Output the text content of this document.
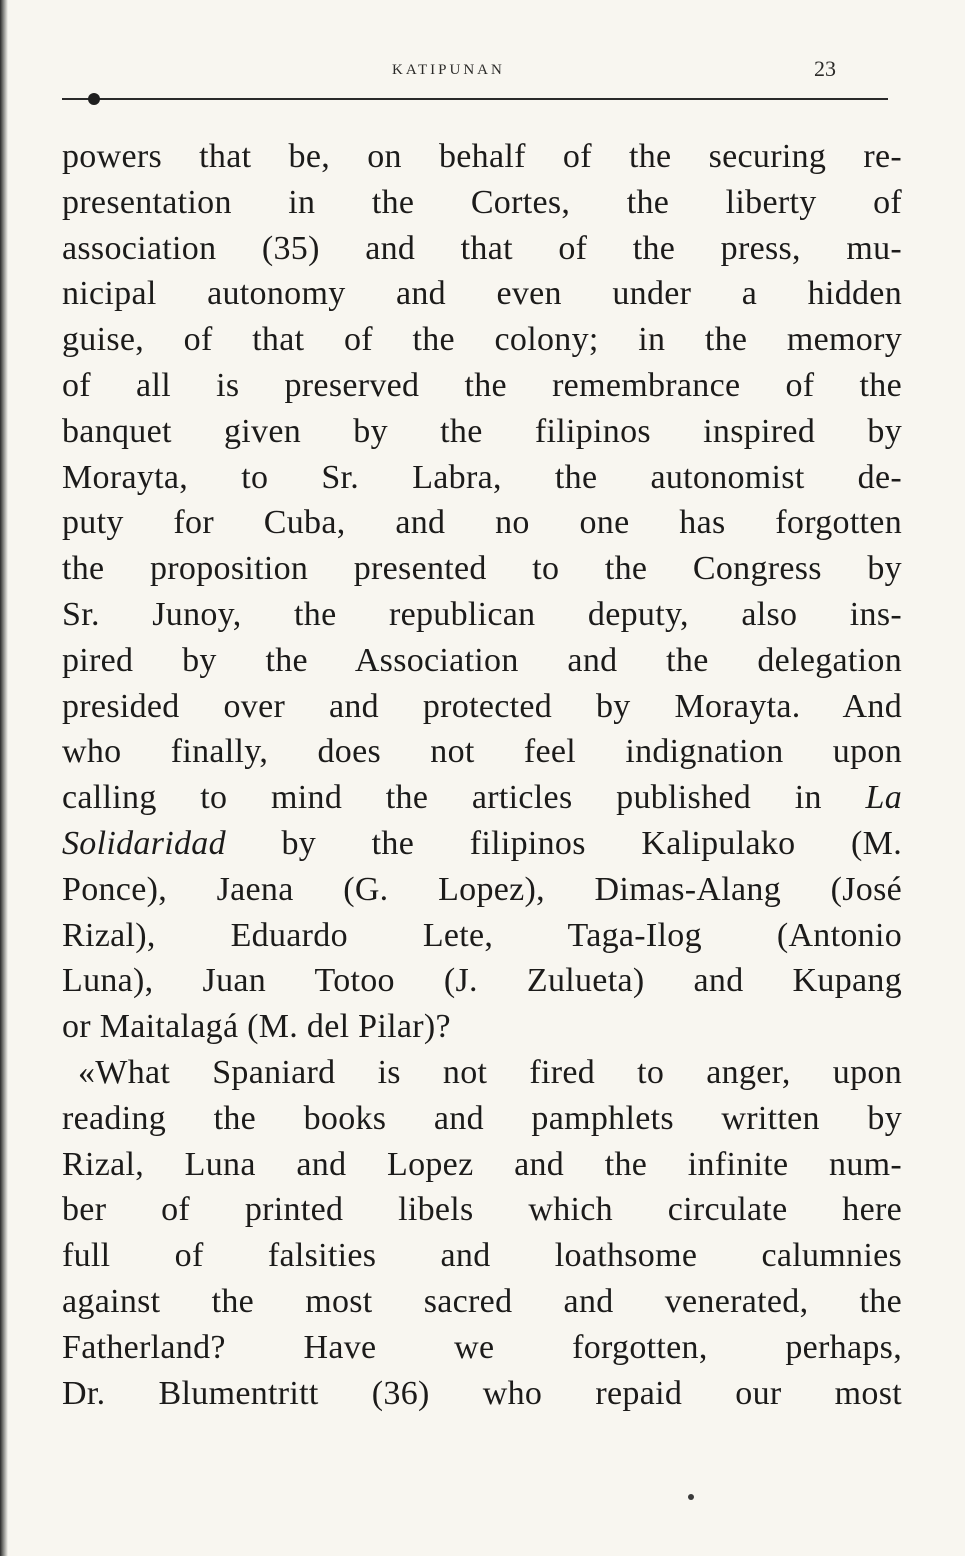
KATIPUNAN	23
powers that be, on behalf of the securing re-
presentation in the Cortes, the liberty of
association (35) and that of the press, mu-
nicipal autonomy and even under a hidden
guise, of that of the colony; in the memory
of all is preserved the remembrance of the
banquet given by the filipinos inspired by
Morayta, to Sr. Labra, the autonomist de-
puty for Cuba, and no one has forgotten
the proposition presented to the Congress by
Sr. Junoy, the republican deputy, also ins-
pired by the Association and the delegation
presided over and protected by Morayta. And
who finally, does not feel indignation upon
calling to mind the articles published in La
Solidaridad by the filipinos Kalipulako (M.
Ponce), Jaena (G. Lopez), Dimas-Alang (José
Rizal), Eduardo Lete, Taga-Ilog (Antonio
Luna), Juan Totoo (J. Zulueta) and Kupang
or Maitalagá (M. del Pilar)?
«What Spaniard is not fired to anger, upon
reading the books and pamphlets written by
Rizal, Luna and Lopez and the infinite num-
ber of printed libels which circulate here
full of falsities and loathsome calumnies
against the most sacred and venerated, the
Fatherland? Have we forgotten, perhaps,
Dr. Blumentritt (36) who repaid our most
